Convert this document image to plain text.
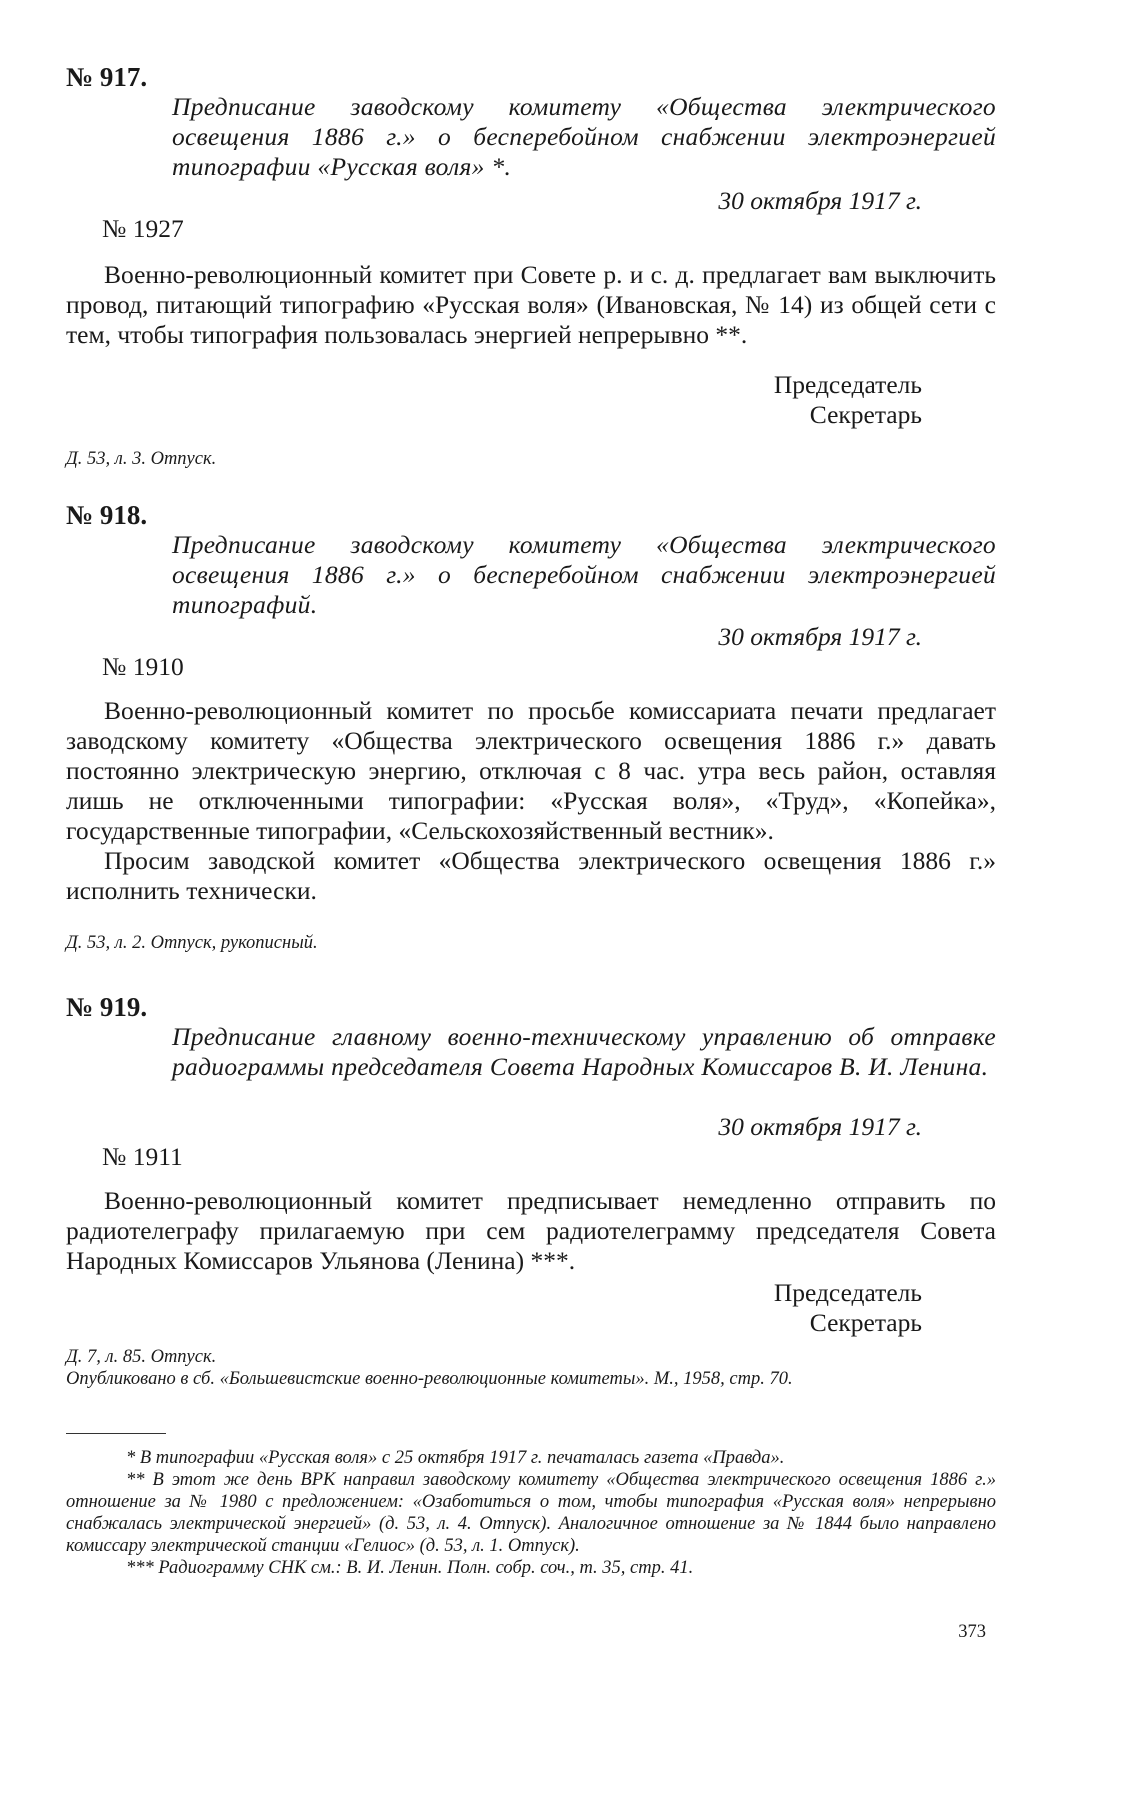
№ 917.
Предписание заводскому комитету «Общества электрического освещения 1886 г.» о бесперебойном снабжении электроэнергией типографии «Русская воля» *.
30 октября 1917 г.
№ 1927

Военно-революционный комитет при Совете р. и с. д. предлагает вам выключить провод, питающий типографию «Русская воля» (Ивановская, № 14) из общей сети с тем, чтобы типография пользовалась энергией непрерывно **.

Председатель
Секретарь
Д. 53, л. 3. Отпуск.
№ 918.
Предписание заводскому комитету «Общества электрического освещения 1886 г.» о бесперебойном снабжении электроэнергией типографий.
30 октября 1917 г.
№ 1910

Военно-революционный комитет по просьбе комиссариата печати предлагает заводскому комитету «Общества электрического освещения 1886 г.» давать постоянно электрическую энергию, отключая с 8 час. утра весь район, оставляя лишь не отключенными типографии: «Русская воля», «Труд», «Копейка», государственные типографии, «Сельскохозяйственный вестник».

Просим заводской комитет «Общества электрического освещения 1886 г.» исполнить технически.

Д. 53, л. 2. Отпуск, рукописный.
№ 919.
Предписание главному военно-техническому управлению об отправке радиограммы председателя Совета Народных Комиссаров В. И. Ленина.
30 октября 1917 г.
№ 1911

Военно-революционный комитет предписывает немедленно отправить по радиотелеграфу прилагаемую при сем радиотелеграмму председателя Совета Народных Комиссаров Ульянова (Ленина) ***.

Председатель
Секретарь
Д. 7, л. 85. Отпуск.
Опубликовано в сб. «Большевистские военно-революционные комитеты». М., 1958, стр. 70.

* В типографии «Русская воля» с 25 октября 1917 г. печаталась газета «Правда».

** В этот же день ВРК направил заводскому комитету «Общества электрического освещения 1886 г.» отношение за № 1980 с предложением: «Озаботиться о том, чтобы типография «Русская воля» непрерывно снабжалась электрической энергией» (д. 53, л. 4. Отпуск). Аналогичное отношение за № 1844 было направлено комиссару электрической станции «Гелиос» (д. 53, л. 1. Отпуск).

*** Радиограмму СНК см.: В. И. Ленин. Полн. собр. соч., т. 35, стр. 41.

373
